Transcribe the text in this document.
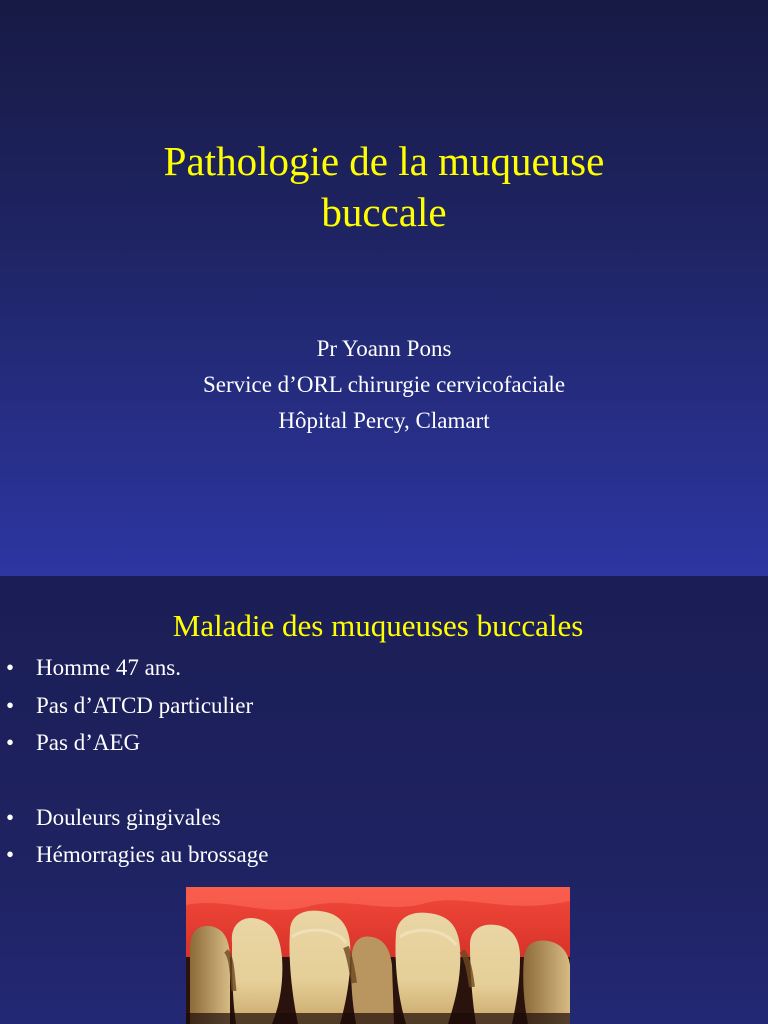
Pathologie de la muqueuse
buccale
Pr Yoann Pons
Service d’ORL chirurgie cervicofaciale
Hôpital Percy, Clamart
Maladie des muqueuses buccales
• Homme 47 ans.
• Pas d’ATCD particulier
• Pas d’AEG
• Douleurs gingivales
• Hémorragies au brossage
